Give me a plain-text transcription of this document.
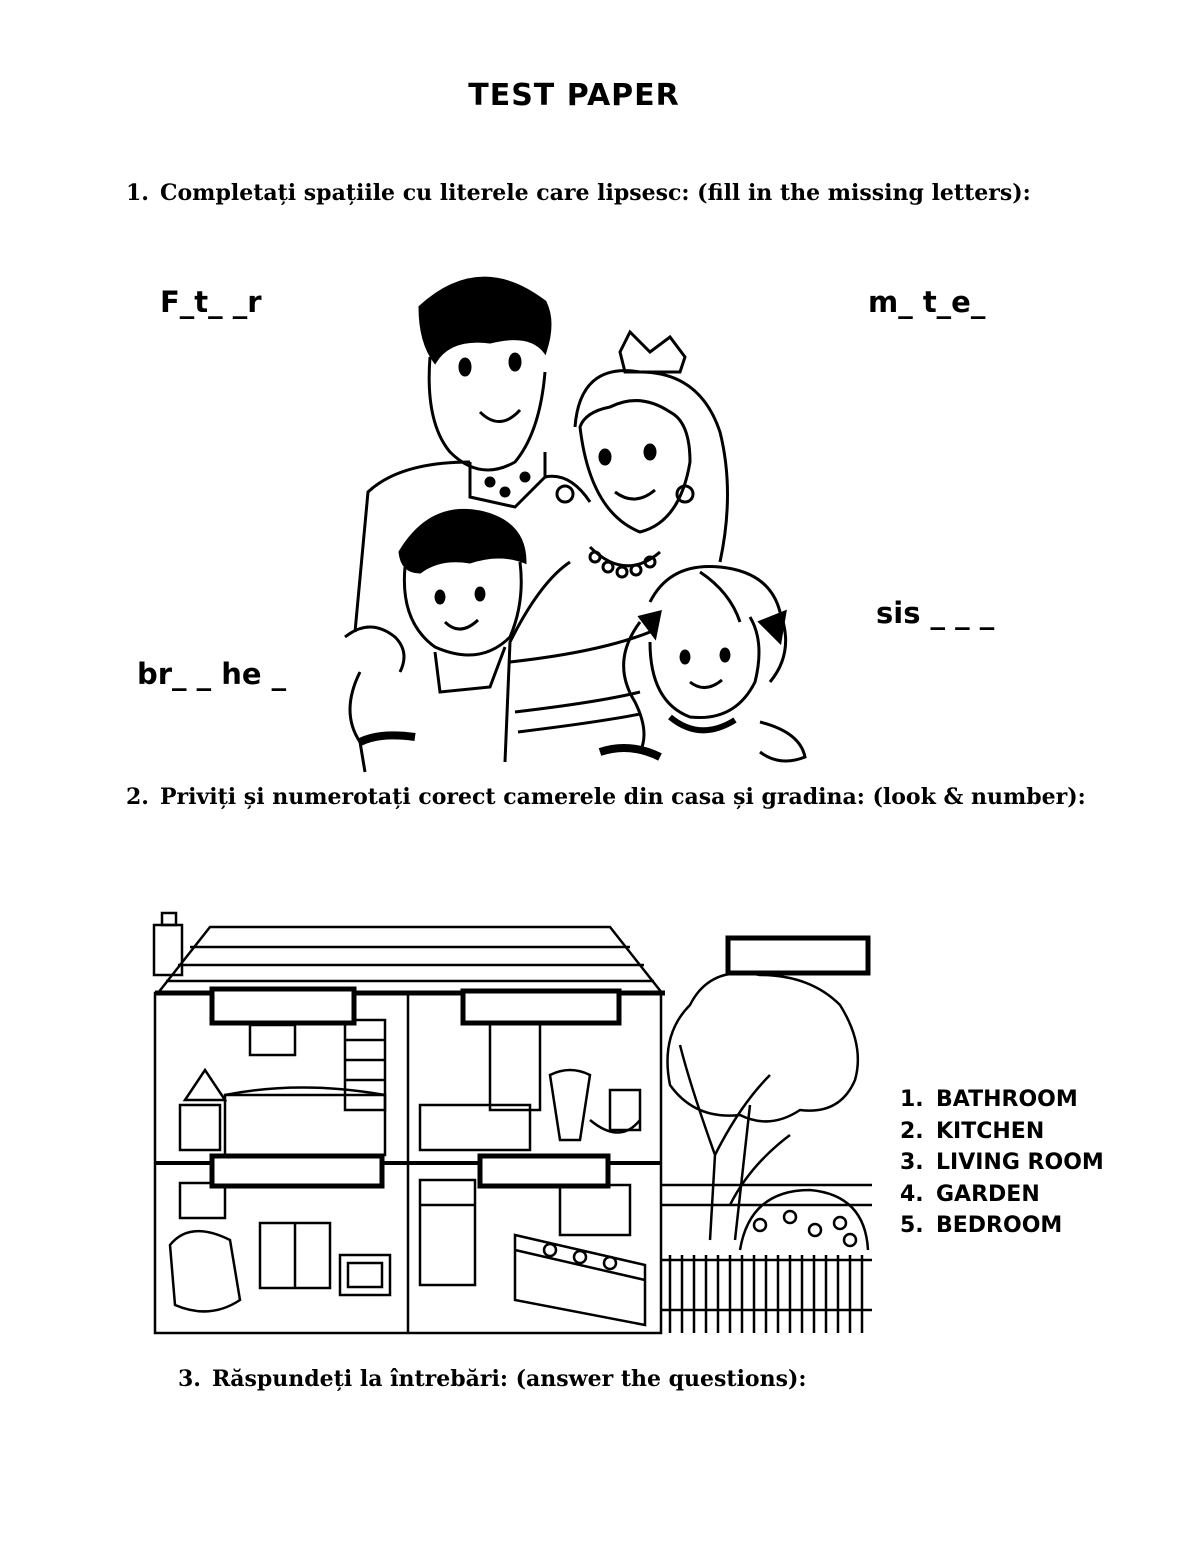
TEST PAPER
1. Completați spațiile cu literele care lipsesc: (fill in the missing letters):
F_t_ _r	m_ t_e_
sis _ _ _
br_ _ he _
2. Priviți și numerotați corect camerele din casa și gradina: (look & number):
1. BATHROOM
2. KITCHEN
3. LIVING ROOM
4. GARDEN
5. BEDROOM
3. Răspundeți la întrebări: (answer the questions):
